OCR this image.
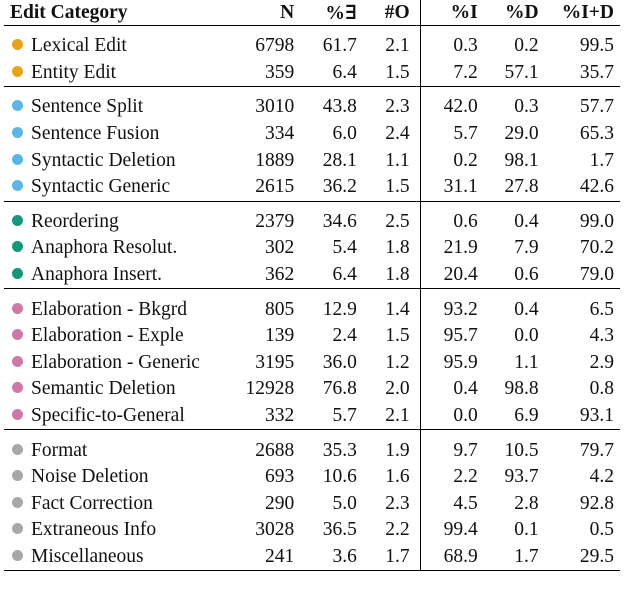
Edit Category	N	%∃	#O	%I	%D	%I+D
Lexical Edit	6798	61.7	2.1	0.3	0.2	99.5
Entity Edit	359	6.4	1.5	7.2	57.1	35.7
Sentence Split	3010	43.8	2.3	42.0	0.3	57.7
Sentence Fusion	334	6.0	2.4	5.7	29.0	65.3
Syntactic Deletion	1889	28.1	1.1	0.2	98.1	1.7
Syntactic Generic	2615	36.2	1.5	31.1	27.8	42.6
Reordering	2379	34.6	2.5	0.6	0.4	99.0
Anaphora Resolut.	302	5.4	1.8	21.9	7.9	70.2
Anaphora Insert.	362	6.4	1.8	20.4	0.6	79.0
Elaboration - Bkgrd	805	12.9	1.4	93.2	0.4	6.5
Elaboration - Exple	139	2.4	1.5	95.7	0.0	4.3
Elaboration - Generic	3195	36.0	1.2	95.9	1.1	2.9
Semantic Deletion	12928	76.8	2.0	0.4	98.8	0.8
Specific-to-General	332	5.7	2.1	0.0	6.9	93.1
Format	2688	35.3	1.9	9.7	10.5	79.7
Noise Deletion	693	10.6	1.6	2.2	93.7	4.2
Fact Correction	290	5.0	2.3	4.5	2.8	92.8
Extraneous Info	3028	36.5	2.2	99.4	0.1	0.5
Miscellaneous	241	3.6	1.7	68.9	1.7	29.5
